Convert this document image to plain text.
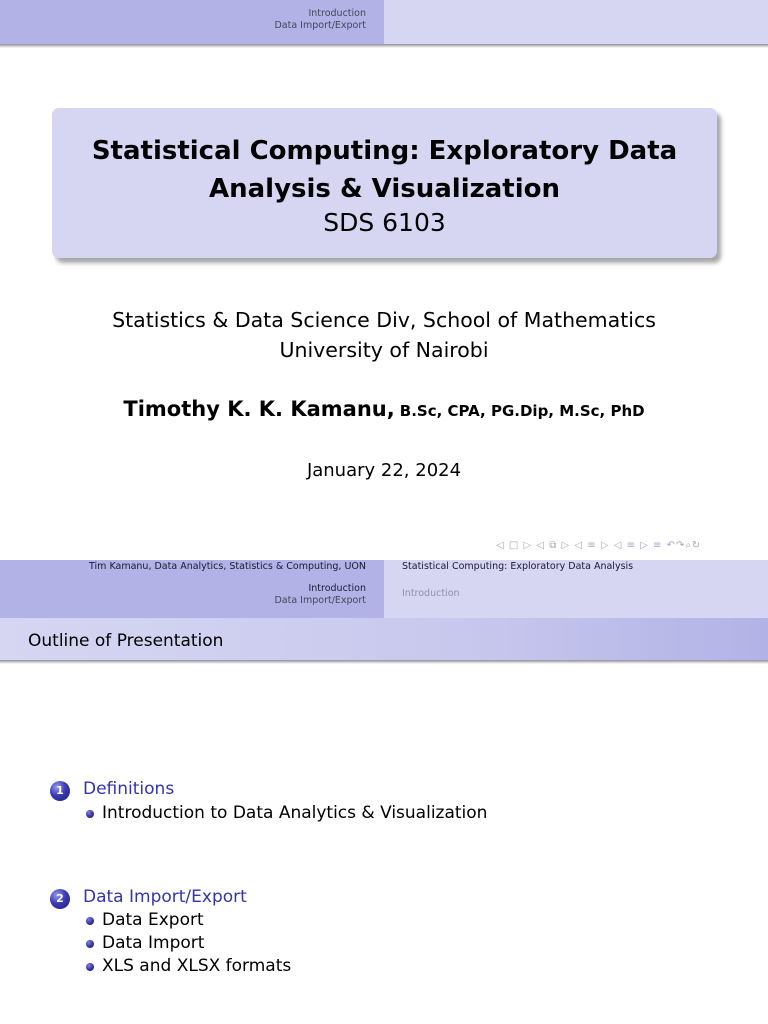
Introduction
Data Import/Export
Statistical Computing: Exploratory Data Analysis & Visualization
SDS 6103
Statistics & Data Science Div, School of Mathematics
University of Nairobi
Timothy K. K. Kamanu, B.Sc, CPA, PG.Dip, M.Sc, PhD
January 22, 2024
◁ □ ▷ ◁ ⧉ ▷ ◁ ≡ ▷ ◁ ≡ ▷ ≡ ↶↷⌕↻
Tim Kamanu, Data Analytics, Statistics & Computing, UON	Statistical Computing: Exploratory Data Analysis
Introduction
Data Import/Export
Introduction
Outline of Presentation
1	Definitions
Introduction to Data Analytics & Visualization
2	Data Import/Export
Data Export
Data Import
XLS and XLSX formats
